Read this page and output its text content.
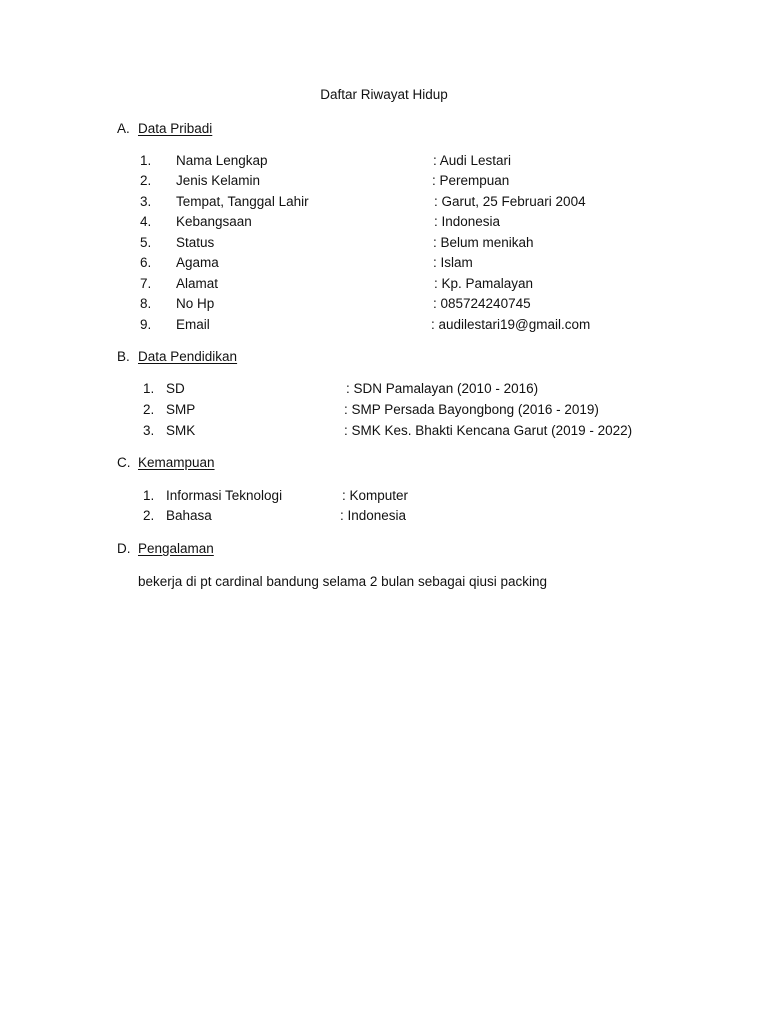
Daftar Riwayat Hidup
A. Data Pribadi
1. Nama Lengkap	: Audi Lestari
2. Jenis Kelamin	: Perempuan
3. Tempat, Tanggal Lahir	: Garut, 25 Februari 2004
4. Kebangsaan	: Indonesia
5. Status	: Belum menikah
6. Agama	: Islam
7. Alamat	: Kp. Pamalayan
8. No Hp	: 085724240745
9. Email	: audilestari19@gmail.com
B. Data Pendidikan
1. SD	: SDN Pamalayan (2010 - 2016)
2. SMP	: SMP Persada Bayongbong (2016 - 2019)
3. SMK	: SMK Kes. Bhakti Kencana Garut (2019 - 2022)
C. Kemampuan
1. Informasi Teknologi	: Komputer
2. Bahasa	: Indonesia
D. Pengalaman
bekerja di pt cardinal bandung selama 2 bulan sebagai qiusi packing
